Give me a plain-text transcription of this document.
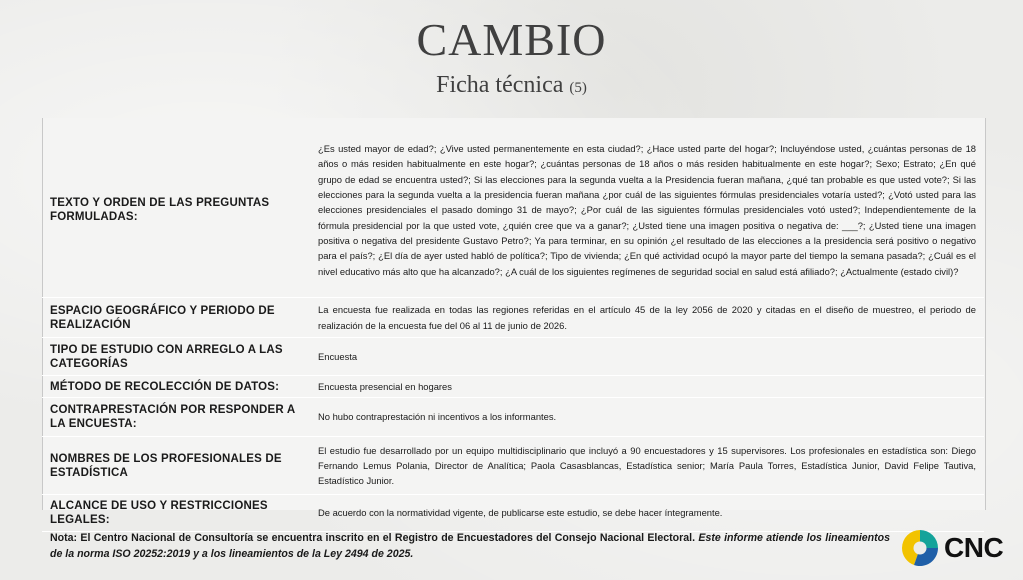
CAMBIO
Ficha técnica (5)
TEXTO Y ORDEN DE LAS PREGUNTAS FORMULADAS:	¿Es usted mayor de edad?; ¿Vive usted permanentemente en esta ciudad?; ¿Hace usted parte del hogar?; Incluyéndose usted, ¿cuántas personas de 18 años o más residen habitualmente en este hogar?; ¿cuántas personas de 18 años o más residen habitualmente en este hogar?; Sexo; Estrato; ¿En qué grupo de edad se encuentra usted?; Si las elecciones para la segunda vuelta a la Presidencia fueran mañana, ¿qué tan probable es que usted vote?; Si las elecciones para la segunda vuelta a la presidencia fueran mañana ¿por cuál de las siguientes fórmulas presidenciales votaría usted?; ¿Votó usted para las elecciones presidenciales el pasado domingo 31 de mayo?; ¿Por cuál de las siguientes fórmulas presidenciales votó usted?; Independientemente de la fórmula presidencial por la que usted vote, ¿quién cree que va a ganar?; ¿Usted tiene una imagen positiva o negativa de: ___?; ¿Usted tiene una imagen positiva o negativa del presidente Gustavo Petro?; Ya para terminar, en su opinión ¿el resultado de las elecciones a la presidencia será positivo o negativo para el país?; ¿El día de ayer usted habló de política?; Tipo de vivienda; ¿En qué actividad ocupó la mayor parte del tiempo la semana pasada?; ¿Cuál es el nivel educativo más alto que ha alcanzado?; ¿A cuál de los siguientes regímenes de seguridad social en salud está afiliado?; ¿Actualmente (estado civil)?
ESPACIO GEOGRÁFICO Y PERIODO DE REALIZACIÓN	La encuesta fue realizada en todas las regiones referidas en el artículo 45 de la ley 2056 de 2020 y citadas en el diseño de muestreo, el periodo de realización de la encuesta fue del 06 al 11 de junio de 2026.
TIPO DE ESTUDIO CON ARREGLO A LAS CATEGORÍAS	Encuesta
MÉTODO DE RECOLECCIÓN DE DATOS:	Encuesta presencial en hogares
CONTRAPRESTACIÓN POR RESPONDER A LA ENCUESTA:	No hubo contraprestación ni incentivos a los informantes.
NOMBRES DE LOS PROFESIONALES DE ESTADÍSTICA	El estudio fue desarrollado por un equipo multidisciplinario que incluyó a 90 encuestadores y 15 supervisores. Los profesionales en estadística son: Diego Fernando Lemus Polania, Director de Analítica; Paola Casasblancas, Estadística senior; María Paula Torres, Estadística Junior, David Felipe Tautiva, Estadístico Junior.
ALCANCE DE USO Y RESTRICCIONES LEGALES:	De acuerdo con la normatividad vigente, de publicarse este estudio, se debe hacer íntegramente.
Nota: El Centro Nacional de Consultoría se encuentra inscrito en el Registro de Encuestadores del Consejo Nacional Electoral. Este informe atiende los lineamientos de la norma ISO 20252:2019 y a los lineamientos de la Ley 2494 de 2025.	CNC
